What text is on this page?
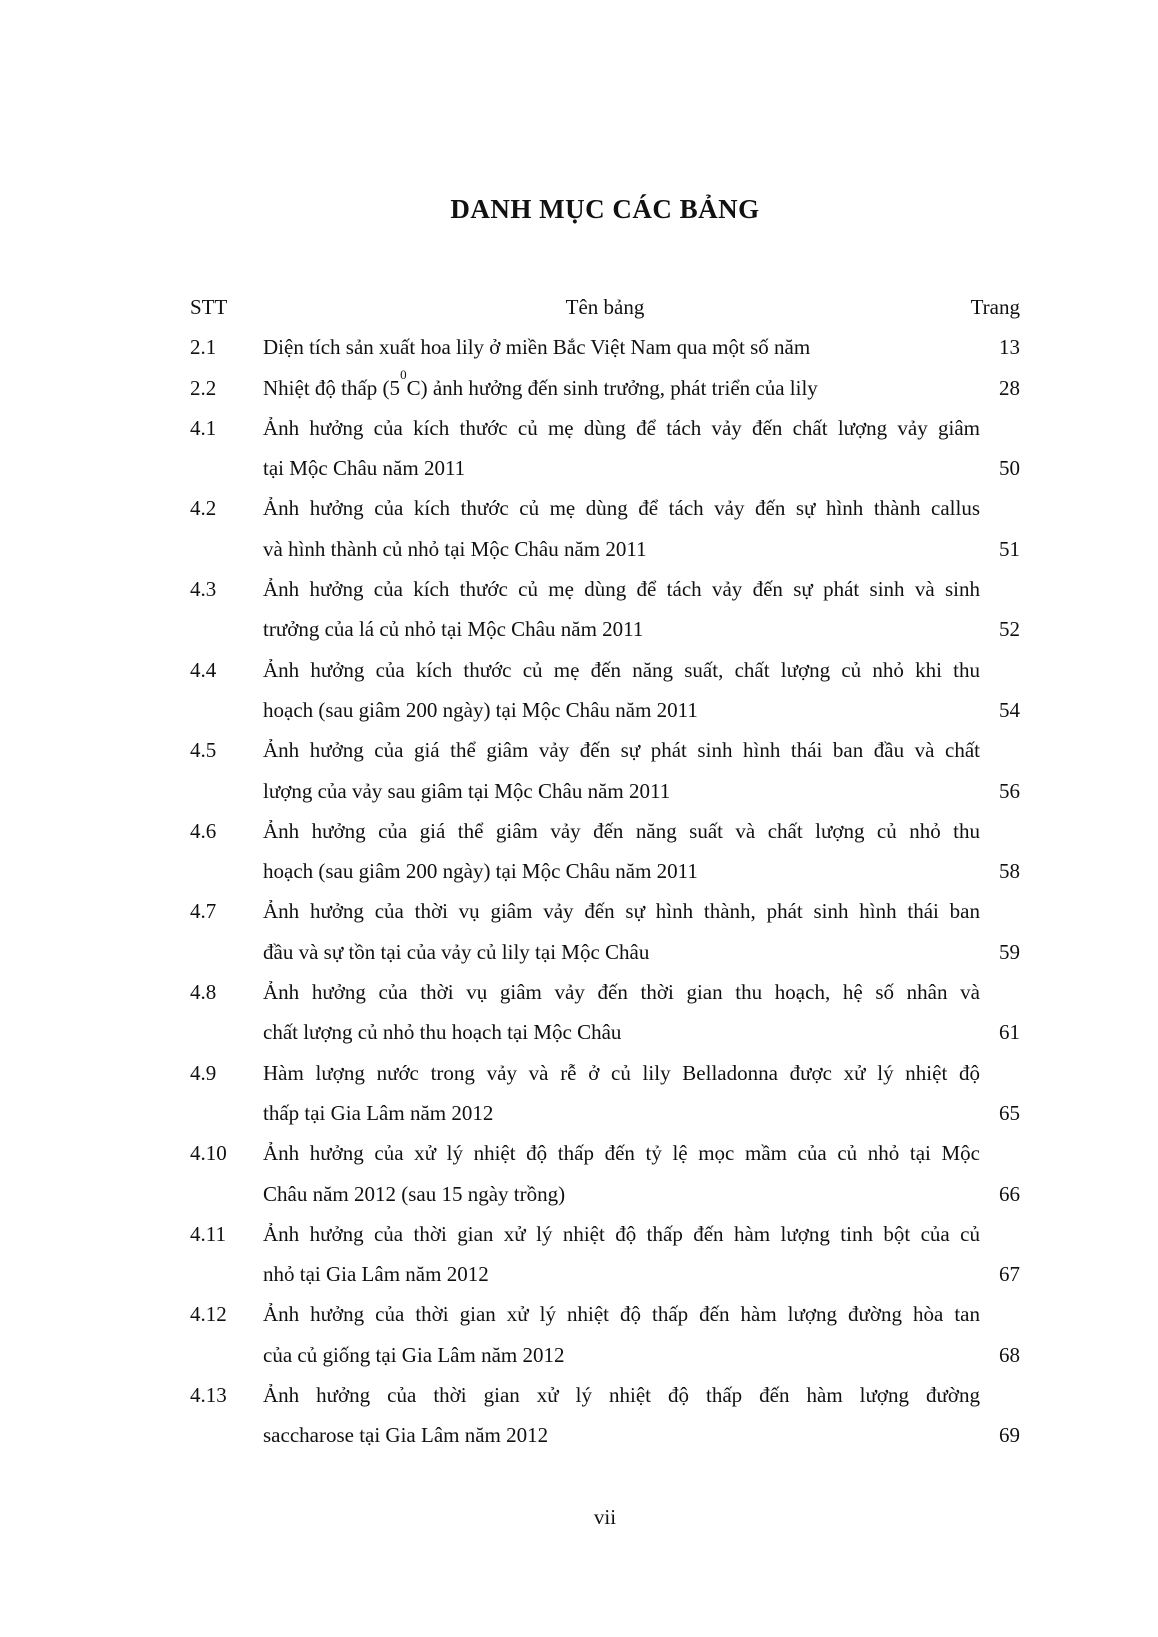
DANH MỤC CÁC BẢNG
STT	Tên bảng	Trang
2.1	Diện tích sản xuất hoa lily ở miền Bắc Việt Nam qua một số năm	13
2.2	Nhiệt độ thấp $(5^0C)$ ảnh hưởng đến sinh trưởng, phát triển của lily	28
4.1	Ảnh hưởng của kích thước củ mẹ dùng để tách vảy đến chất lượng vảy giâm
tại Mộc Châu năm 2011	50
4.2	Ảnh hưởng của kích thước củ mẹ dùng để tách vảy đến sự hình thành callus
và hình thành củ nhỏ tại Mộc Châu năm 2011	51
4.3	Ảnh hưởng của kích thước củ mẹ dùng để tách vảy đến sự phát sinh và sinh
trưởng của lá củ nhỏ tại Mộc Châu năm 2011	52
4.4	Ảnh hưởng của kích thước củ mẹ đến năng suất, chất lượng củ nhỏ khi thu
hoạch (sau giâm 200 ngày) tại Mộc Châu năm 2011	54
4.5	Ảnh hưởng của giá thể giâm vảy đến sự phát sinh hình thái ban đầu và chất
lượng của vảy sau giâm tại Mộc Châu năm 2011	56
4.6	Ảnh hưởng của giá thể giâm vảy đến năng suất và chất lượng củ nhỏ thu
hoạch (sau giâm 200 ngày) tại Mộc Châu năm 2011	58
4.7	Ảnh hưởng của thời vụ giâm vảy đến sự hình thành, phát sinh hình thái ban
đầu và sự tồn tại của vảy củ lily tại Mộc Châu	59
4.8	Ảnh hưởng của thời vụ giâm vảy đến thời gian thu hoạch, hệ số nhân và
chất lượng củ nhỏ thu hoạch tại Mộc Châu	61
4.9	Hàm lượng nước trong vảy và rễ ở củ lily Belladonna được xử lý nhiệt độ
thấp tại Gia Lâm năm 2012	65
4.10	Ảnh hưởng của xử lý nhiệt độ thấp đến tỷ lệ mọc mầm của củ nhỏ tại Mộc
Châu năm 2012 (sau 15 ngày trồng)	66
4.11	Ảnh hưởng của thời gian xử lý nhiệt độ thấp đến hàm lượng tinh bột của củ
nhỏ tại Gia Lâm năm 2012	67
4.12	Ảnh hưởng của thời gian xử lý nhiệt độ thấp đến hàm lượng đường hòa tan
của củ giống tại Gia Lâm năm 2012	68
4.13	Ảnh hưởng của thời gian xử lý nhiệt độ thấp đến hàm lượng đường
saccharose tại Gia Lâm năm 2012	69
vii
